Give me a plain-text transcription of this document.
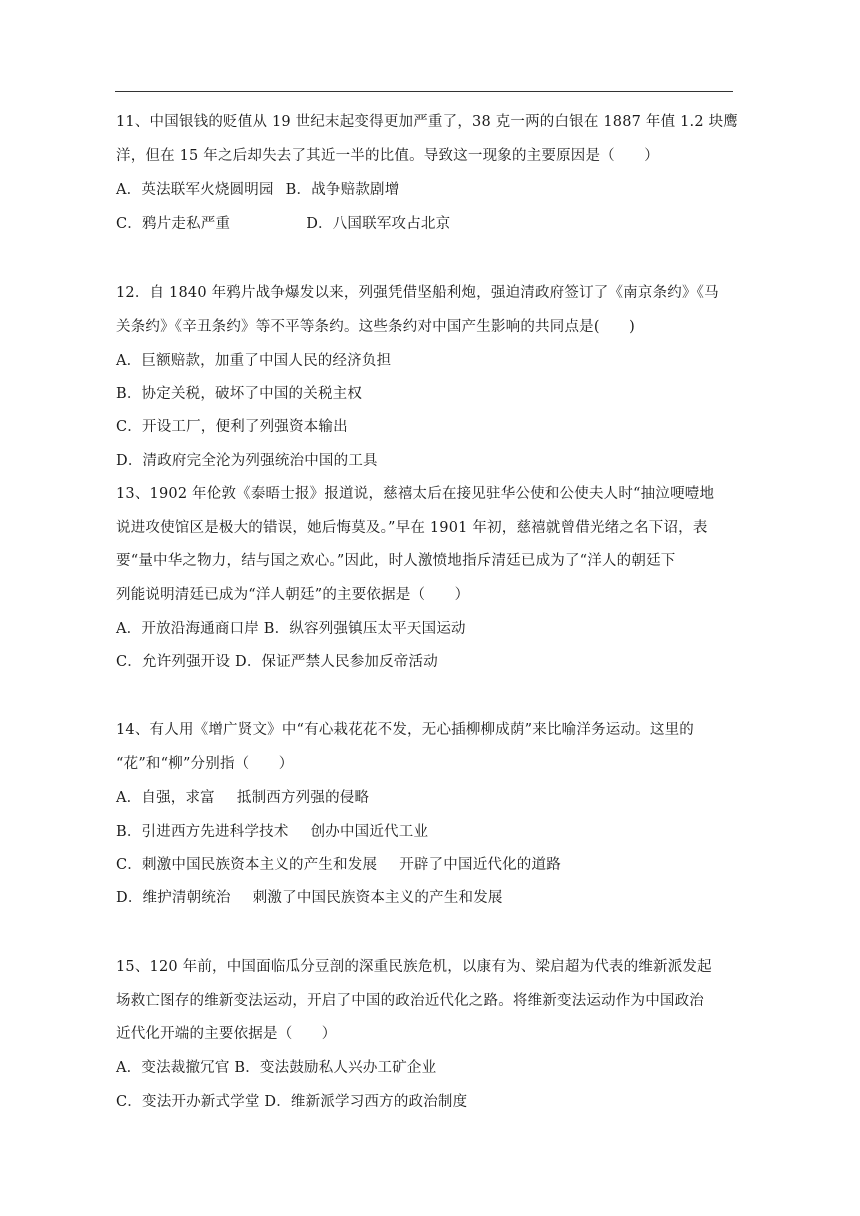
11、中国银钱的贬值从 19 世纪末起变得更加严重了，38 克一两的白银在 1887 年值 1.2 块鹰
洋，但在 15 年之后却失去了其近一半的比值。导致这一现象的主要原因是（　　）
A．英法联军火烧圆明园 B．战争赔款剧增
C．鸦片走私严重	D．八国联军攻占北京
12．自 1840 年鸦片战争爆发以来，列强凭借坚船利炮，强迫清政府签订了《南京条约》《马
关条约》《辛丑条约》等不平等条约。这些条约对中国产生影响的共同点是(　　)
A．巨额赔款，加重了中国人民的经济负担
B．协定关税，破坏了中国的关税主权
C．开设工厂，便利了列强资本输出
D．清政府完全沦为列强统治中国的工具
13、1902 年伦敦《泰晤士报》报道说，慈禧太后在接见驻华公使和公使夫人时“抽泣哽噎地
说进攻使馆区是极大的错误，她后悔莫及。”早在 1901 年初，慈禧就曾借光绪之名下诏，表
要“量中华之物力，结与国之欢心。”因此，时人激愤地指斥清廷已成为了“洋人的朝廷下
列能说明清廷已成为“洋人朝廷”的主要依据是（　　）
A．开放沿海通商口岸 B．纵容列强镇压太平天国运动
C．允许列强开设 D．保证严禁人民参加反帝活动
14、有人用《增广贤文》中“有心栽花花不发，无心插柳柳成荫”来比喻洋务运动。这里的
“花”和“柳”分别指（　　）
A．自强，求富 抵制西方列强的侵略
B．引进西方先进科学技术 创办中国近代工业
C．刺激中国民族资本主义的产生和发展 开辟了中国近代化的道路
D．维护清朝统治 刺激了中国民族资本主义的产生和发展
15、120 年前，中国面临瓜分豆剖的深重民族危机，以康有为、梁启超为代表的维新派发起
场救亡图存的维新变法运动，开启了中国的政治近代化之路。将维新变法运动作为中国政治
近代化开端的主要依据是（　　）
A．变法裁撤冗官 B．变法鼓励私人兴办工矿企业
C．变法开办新式学堂 D．维新派学习西方的政治制度
